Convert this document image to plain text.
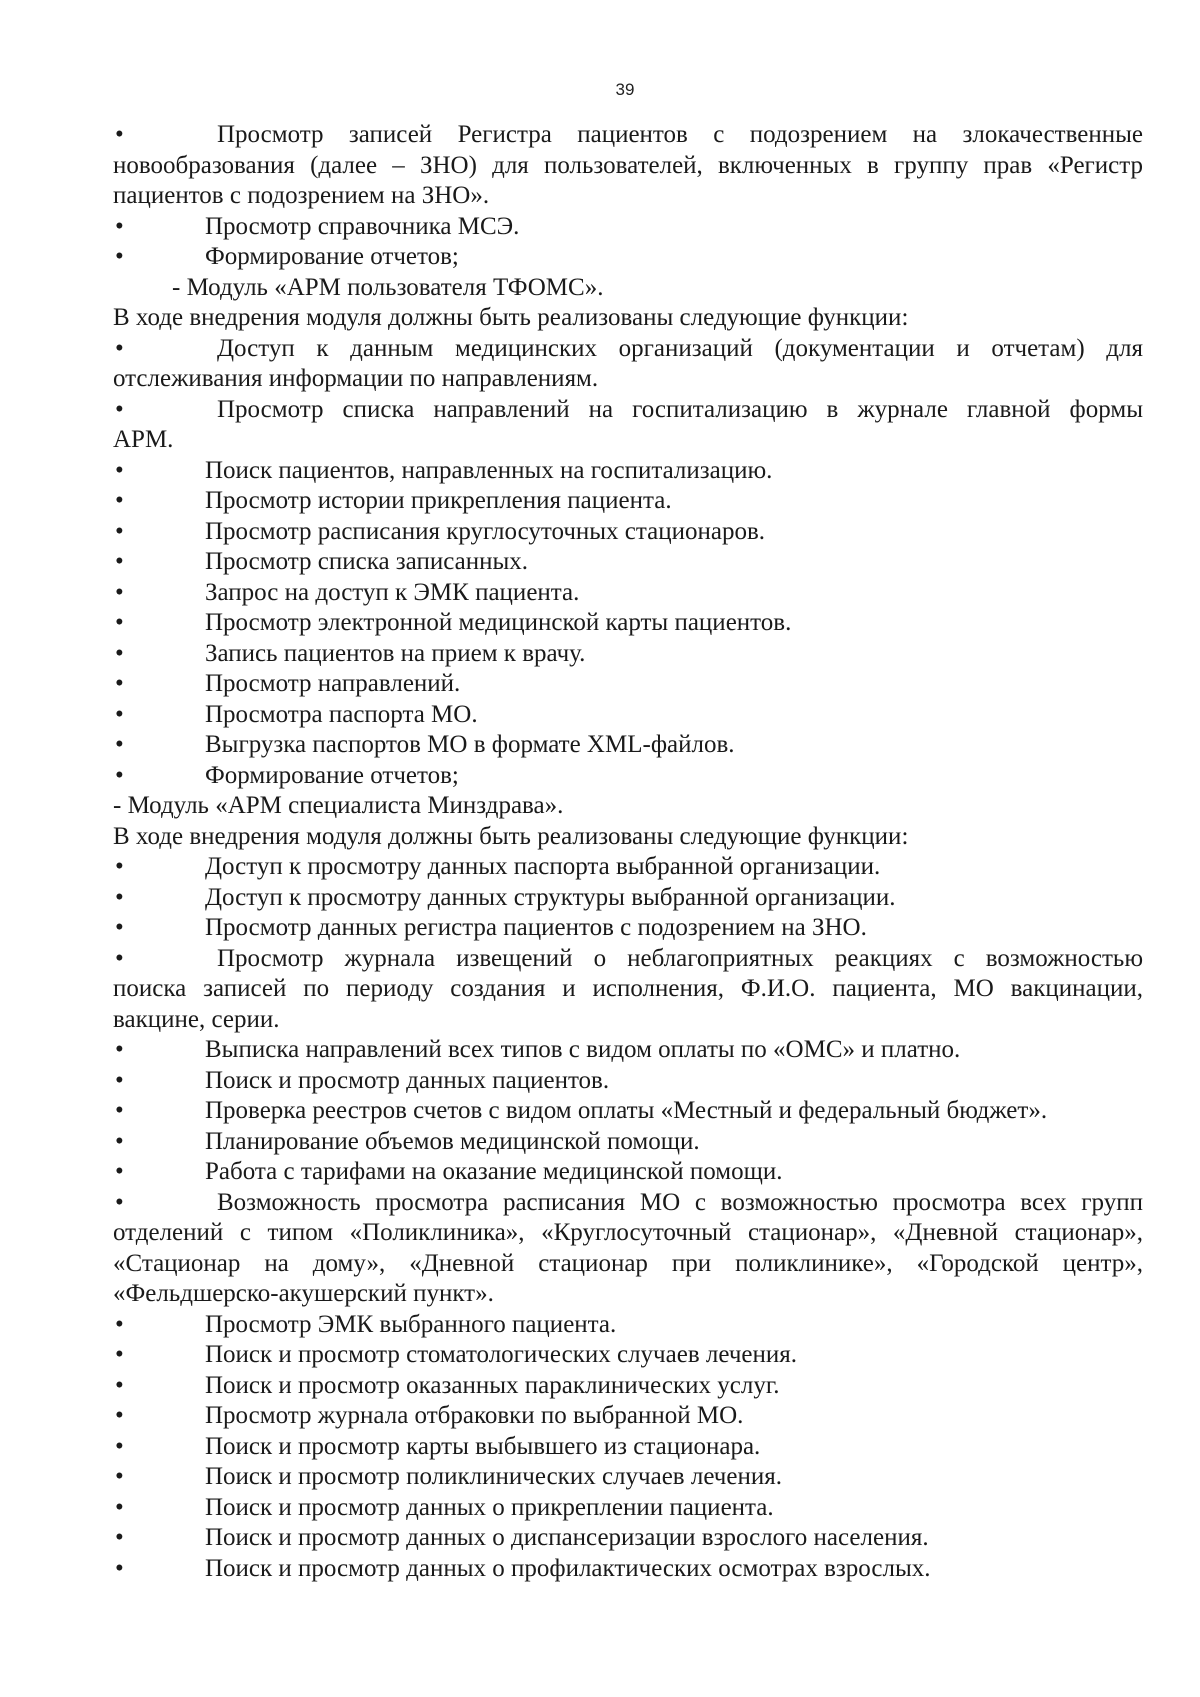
39
•	Просмотр записей Регистра пациентов с подозрением на злокачественные
новообразования (далее – ЗНО) для пользователей, включенных в группу прав «Регистр
пациентов с подозрением на ЗНО».
•	Просмотр справочника МСЭ.
•	Формирование отчетов;
- Модуль «АРМ пользователя ТФОМС».
В ходе внедрения модуля должны быть реализованы следующие функции:
•	Доступ к данным медицинских организаций (документации и отчетам) для
отслеживания информации по направлениям.
•	Просмотр списка направлений на госпитализацию в журнале главной формы
АРМ.
•	Поиск пациентов, направленных на госпитализацию.
•	Просмотр истории прикрепления пациента.
•	Просмотр расписания круглосуточных стационаров.
•	Просмотр списка записанных.
•	Запрос на доступ к ЭМК пациента.
•	Просмотр электронной медицинской карты пациентов.
•	Запись пациентов на прием к врачу.
•	Просмотр направлений.
•	Просмотра паспорта МО.
•	Выгрузка паспортов МО в формате XML-файлов.
•	Формирование отчетов;
- Модуль «АРМ специалиста Минздрава».
В ходе внедрения модуля должны быть реализованы следующие функции:
•	Доступ к просмотру данных паспорта выбранной организации.
•	Доступ к просмотру данных структуры выбранной организации.
•	Просмотр данных регистра пациентов с подозрением на ЗНО.
•	Просмотр журнала извещений о неблагоприятных реакциях с возможностью
поиска записей по периоду создания и исполнения, Ф.И.О. пациента, МО вакцинации,
вакцине, серии.
•	Выписка направлений всех типов с видом оплаты по «ОМС» и платно.
•	Поиск и просмотр данных пациентов.
•	Проверка реестров счетов с видом оплаты «Местный и федеральный бюджет».
•	Планирование объемов медицинской помощи.
•	Работа с тарифами на оказание медицинской помощи.
•	Возможность просмотра расписания МО с возможностью просмотра всех групп
отделений с типом «Поликлиника», «Круглосуточный стационар», «Дневной стационар»,
«Стационар на дому», «Дневной стационар при поликлинике», «Городской центр»,
«Фельдшерско-акушерский пункт».
•	Просмотр ЭМК выбранного пациента.
•	Поиск и просмотр стоматологических случаев лечения.
•	Поиск и просмотр оказанных параклинических услуг.
•	Просмотр журнала отбраковки по выбранной МО.
•	Поиск и просмотр карты выбывшего из стационара.
•	Поиск и просмотр поликлинических случаев лечения.
•	Поиск и просмотр данных о прикреплении пациента.
•	Поиск и просмотр данных о диспансеризации взрослого населения.
•	Поиск и просмотр данных о профилактических осмотрах взрослых.
